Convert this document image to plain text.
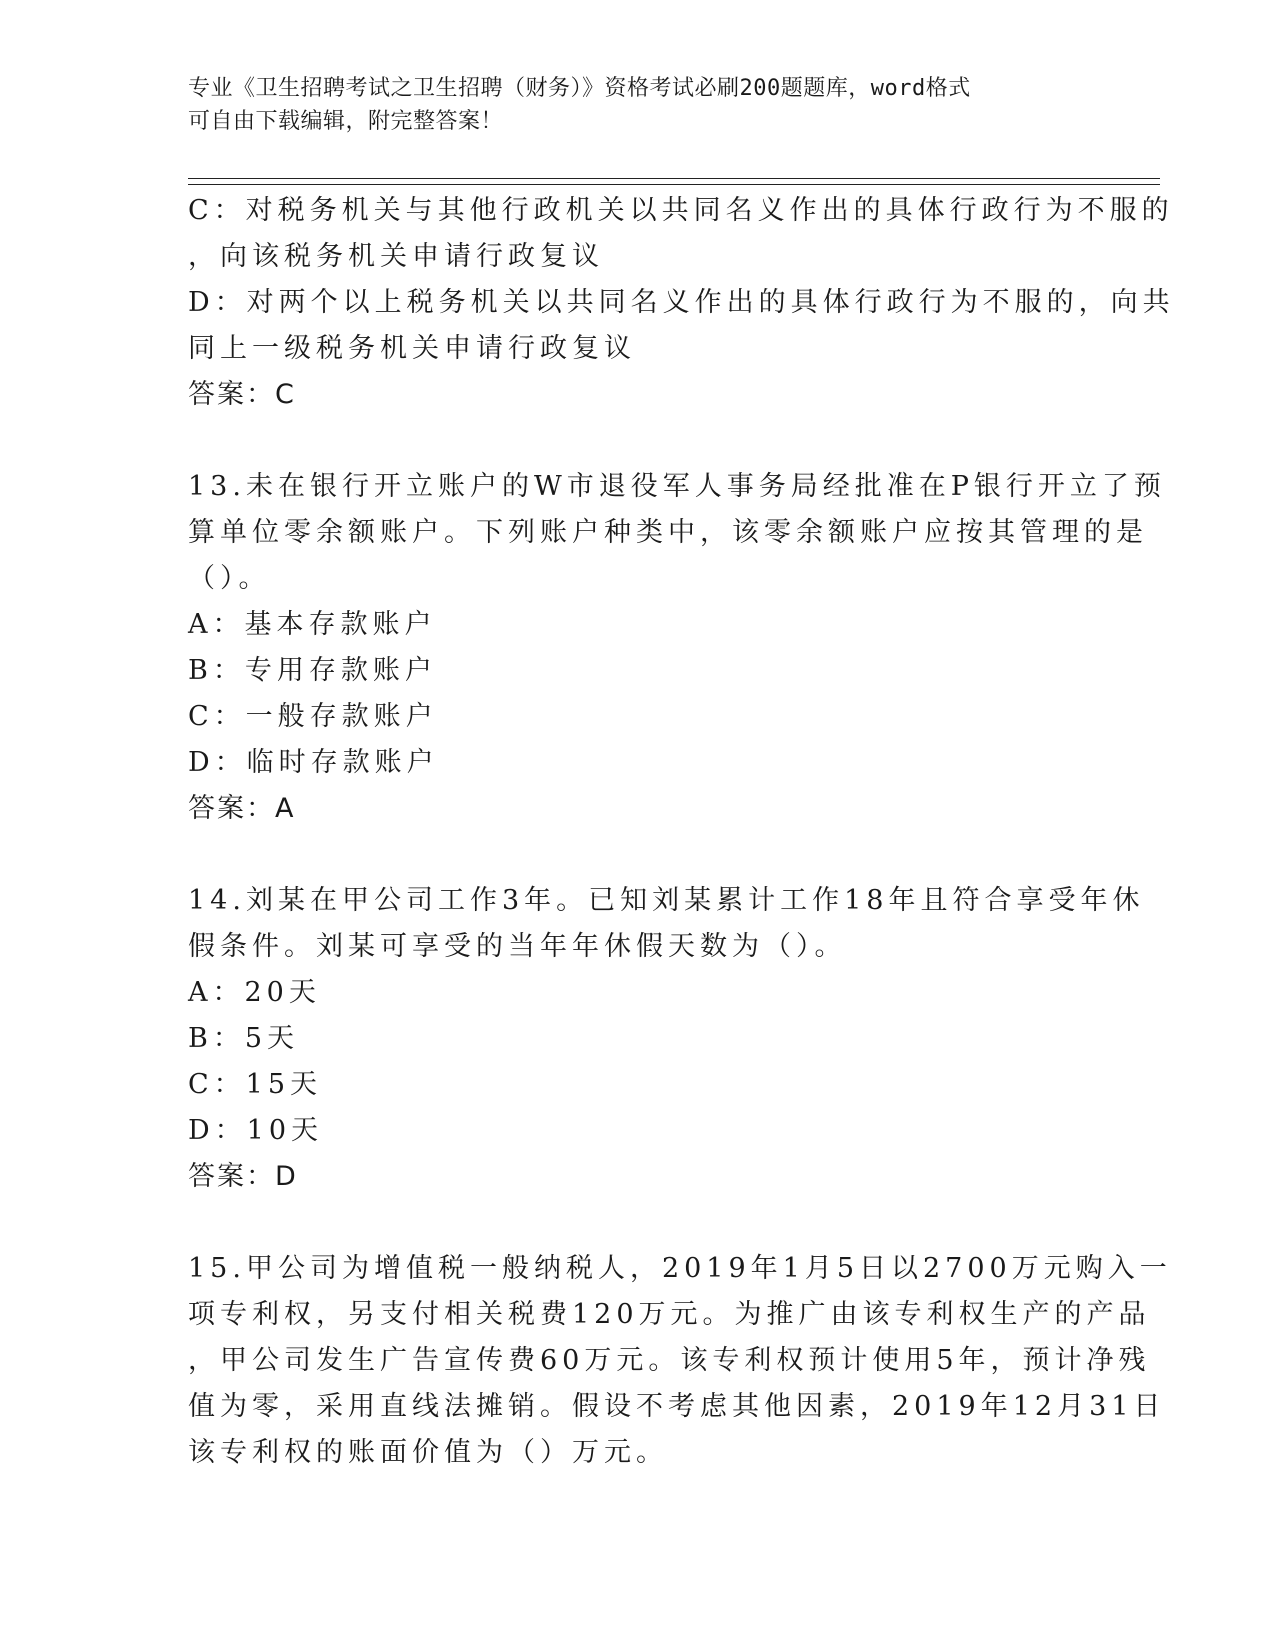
专业《卫生招聘考试之卫生招聘（财务）》资格考试必刷200题题库，word格式
可自由下载编辑，附完整答案！
C：对税务机关与其他行政机关以共同名义作出的具体行政行为不服的
，向该税务机关申请行政复议
D：对两个以上税务机关以共同名义作出的具体行政行为不服的，向共
同上一级税务机关申请行政复议
答案：C
13.未在银行开立账户的W市退役军人事务局经批准在P银行开立了预
算单位零余额账户。下列账户种类中，该零余额账户应按其管理的是
（）。
A：基本存款账户
B：专用存款账户
C：一般存款账户
D：临时存款账户
答案：A
14.刘某在甲公司工作3年。已知刘某累计工作18年且符合享受年休
假条件。刘某可享受的当年年休假天数为（）。
A：20天
B：5天
C：15天
D：10天
答案：D
15.甲公司为增值税一般纳税人，2019年1月5日以2700万元购入一
项专利权，另支付相关税费120万元。为推广由该专利权生产的产品
，甲公司发生广告宣传费60万元。该专利权预计使用5年，预计净残
值为零，采用直线法摊销。假设不考虑其他因素，2019年12月31日
该专利权的账面价值为（）万元。
